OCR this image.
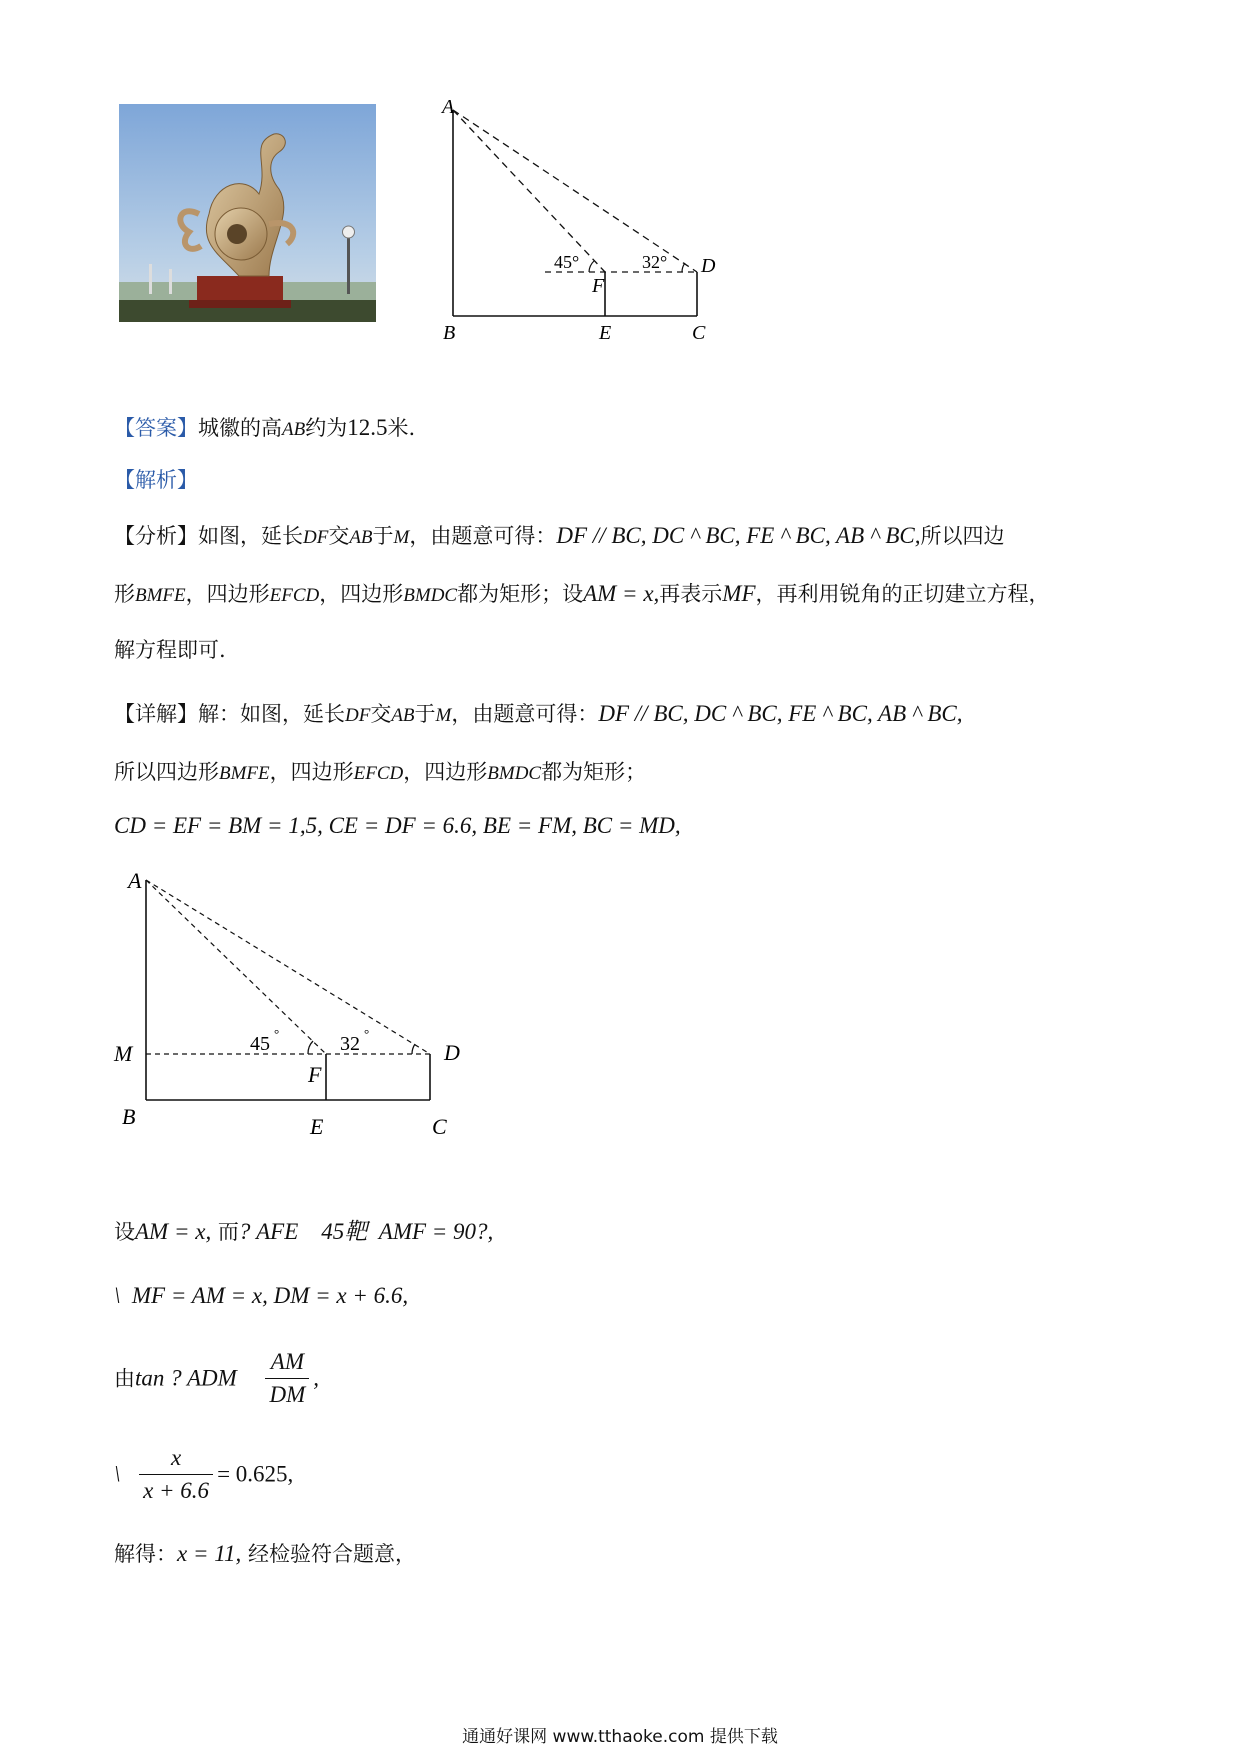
A
B	E	C
F
D
45°	32°
【答案】城徽的高AB约为12.5米.
【解析】
【分析】如图，延长DF交AB于M，由题意可得：DF // BC, DC ^ BC, FE ^ BC, AB ^ BC,所以四边
形BMFE，四边形EFCD，四边形BMDC都为矩形；设AM = x,再表示MF，再利用锐角的正切建立方程，
解方程即可.
【详解】解：如图，延长DF交AB于M，由题意可得：DF // BC, DC ^ BC, FE ^ BC, AB ^ BC,
所以四边形BMFE，四边形EFCD，四边形BMDC都为矩形；
CD = EF = BM = 1,5, CE = DF = 6.6, BE = FM, BC = MD,
A
M
B
F
E	C
D
45 °	32 °
设AM = x, 而? AFE    45靶  AMF = 90?,
\  MF = AM = x, DM = x + 6.6,
由tan ? ADM $\frac{AM}{DM}$ ,
\ $\frac{x}{x + 6.6} = 0.625$,
解得：x = 11, 经检验符合题意，
通通好课网 www.tthaoke.com 提供下载
